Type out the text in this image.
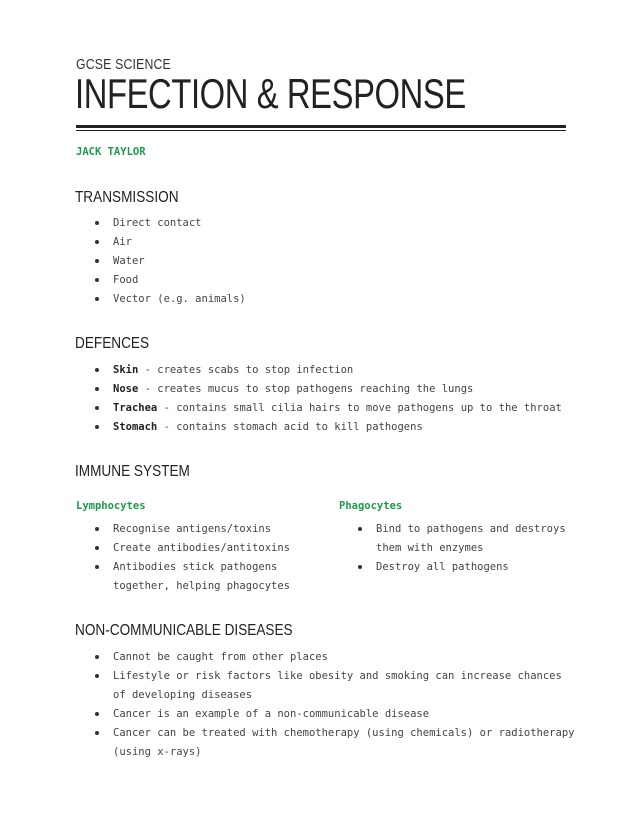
GCSE SCIENCE
INFECTION & RESPONSE
JACK TAYLOR
TRANSMISSION
Direct contact
Air
Water
Food
Vector (e.g. animals)
DEFENCES
Skin - creates scabs to stop infection
Nose - creates mucus to stop pathogens reaching the lungs
Trachea - contains small cilia hairs to move pathogens up to the throat
Stomach - contains stomach acid to kill pathogens
IMMUNE SYSTEM
Lymphocytes
Recognise antigens/toxins
Create antibodies/antitoxins
Antibodies stick pathogens together, helping phagocytes
Phagocytes
Bind to pathogens and destroys them with enzymes
Destroy all pathogens
NON-COMMUNICABLE DISEASES
Cannot be caught from other places
Lifestyle or risk factors like obesity and smoking can increase chances of developing diseases
Cancer is an example of a non-communicable disease
Cancer can be treated with chemotherapy (using chemicals) or radiotherapy (using x-rays)
